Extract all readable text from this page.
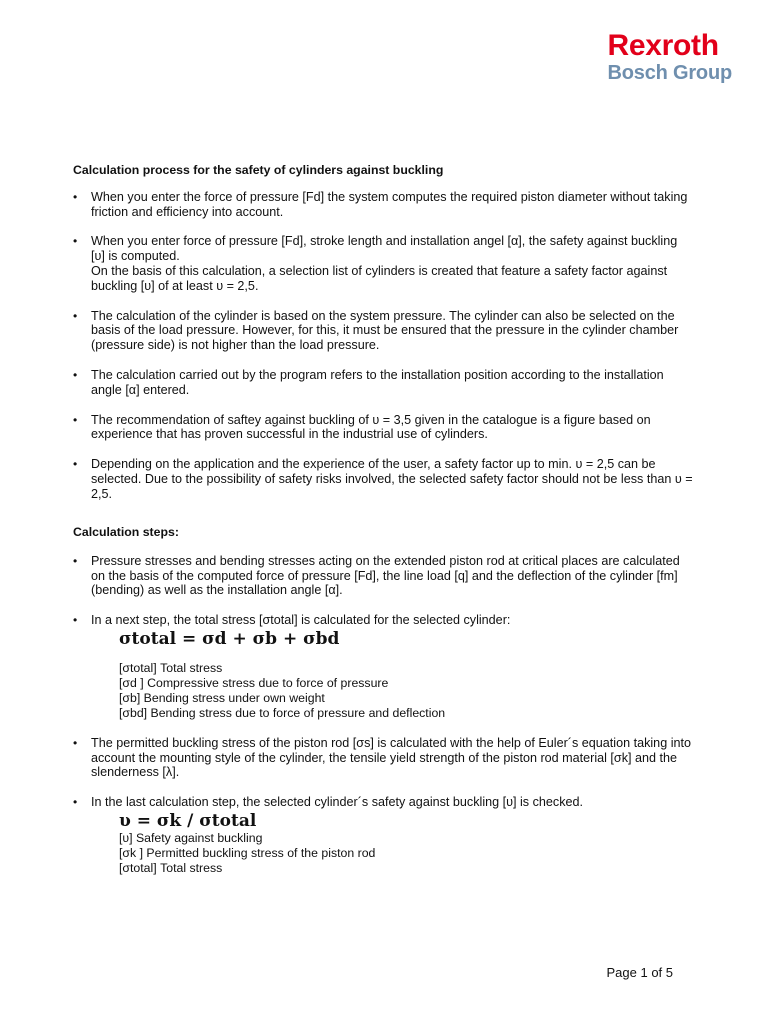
Rexroth
Bosch Group
Calculation process for the safety of cylinders against buckling
• When you enter the force of pressure [Fd] the system computes the required piston diameter without taking friction and efficiency into account.
• When you enter force of pressure [Fd], stroke length and installation angel [α], the safety against buckling [υ] is computed.
On the basis of this calculation, a selection list of cylinders is created that feature a safety factor against buckling [υ] of at least υ = 2,5.
• The calculation of the cylinder is based on the system pressure. The cylinder can also be selected on the basis of the load pressure. However, for this, it must be ensured that the pressure in the cylinder chamber (pressure side) is not higher than the load pressure.
• The calculation carried out by the program refers to the installation position according to the installation angle [α] entered.
• The recommendation of saftey against buckling of υ = 3,5 given in the catalogue is a figure based on experience that has proven successful in the industrial use of cylinders.
• Depending on the application and the experience of the user, a safety factor up to min. υ = 2,5 can be selected. Due to the possibility of safety risks involved, the selected safety factor should not be less than υ = 2,5.
Calculation steps:
• Pressure stresses and bending stresses acting on the extended piston rod at critical places are calculated on the basis of the computed force of pressure [Fd], the line load [q] and the deflection of the cylinder [fm] (bending) as well as the installation angle [α].
• In a next step, the total stress [σtotal] is calculated for the selected cylinder:
σtotal = σd + σb + σbd
[σtotal] Total stress
[σd ] Compressive stress due to force of pressure
[σb] Bending stress under own weight
[σbd] Bending stress due to force of pressure and deflection
• The permitted buckling stress of the piston rod [σs] is calculated with the help of Euler´s equation taking into account the mounting style of the cylinder, the tensile yield strength of the piston rod material [σk] and the slenderness [λ].
• In the last calculation step, the selected cylinder´s safety against buckling [υ] is checked.
υ = σk / σtotal
[υ] Safety against buckling
[σk ] Permitted buckling stress of the piston rod
[σtotal] Total stress
Page 1 of 5
